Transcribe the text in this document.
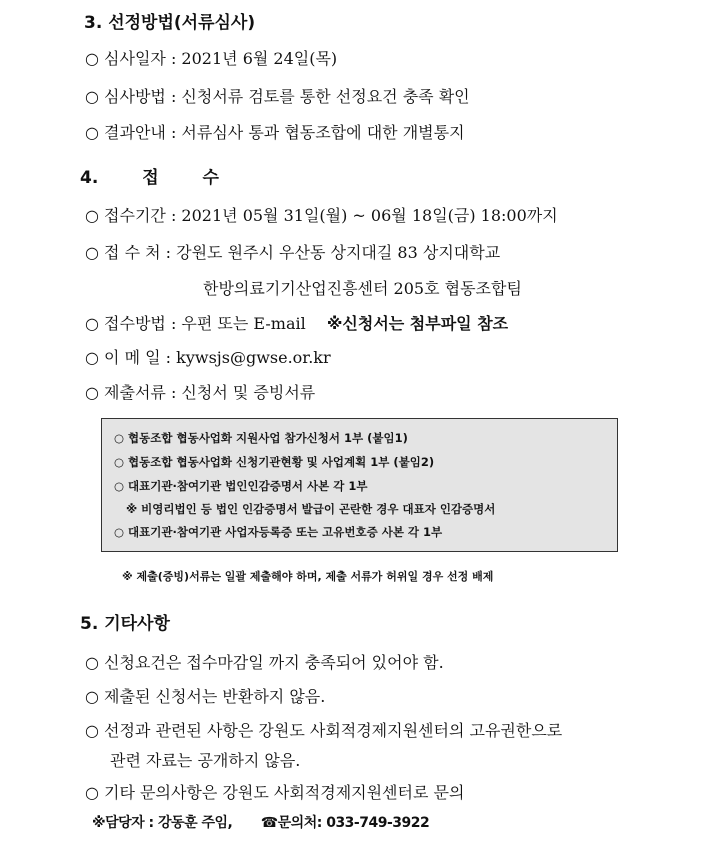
3. 선정방법(서류심사)
○ 심사일자 : 2021년 6월 24일(목)
○ 심사방법 : 신청서류 검토를 통한 선정요건 충족 확인
○ 결과안내 : 서류심사 통과 협동조합에 대한 개별통지
4. 접 수
○ 접수기간 : 2021년 05월 31일(월) ~ 06월 18일(금) 18:00까지
○ 접 수 처 : 강원도 원주시 우산동 상지대길 83 상지대학교
한방의료기기산업진흥센터 205호 협동조합팀
○ 접수방법 : 우편 또는 E-mail ※신청서는 첨부파일 참조
○ 이 메 일 : kywsjs@gwse.or.kr
○ 제출서류 : 신청서 및 증빙서류
○ 협동조합 협동사업화 지원사업 참가신청서 1부 (붙임1)
○ 협동조합 협동사업화 신청기관현황 및 사업계획 1부 (붙임2)
○ 대표기관·참여기관 법인인감증명서 사본 각 1부
※ 비영리법인 등 법인 인감증명서 발급이 곤란한 경우 대표자 인감증명서
○ 대표기관·참여기관 사업자등록증 또는 고유번호증 사본 각 1부
※ 제출(증빙)서류는 일괄 제출해야 하며, 제출 서류가 허위일 경우 선정 배제
5. 기타사항
○ 신청요건은 접수마감일 까지 충족되어 있어야 함.
○ 제출된 신청서는 반환하지 않음.
○ 선정과 관련된 사항은 강원도 사회적경제지원센터의 고유권한으로
관련 자료는 공개하지 않음.
○ 기타 문의사항은 강원도 사회적경제지원센터로 문의
※담당자 : 강동훈 주임, ☎문의처: 033-749-3922
